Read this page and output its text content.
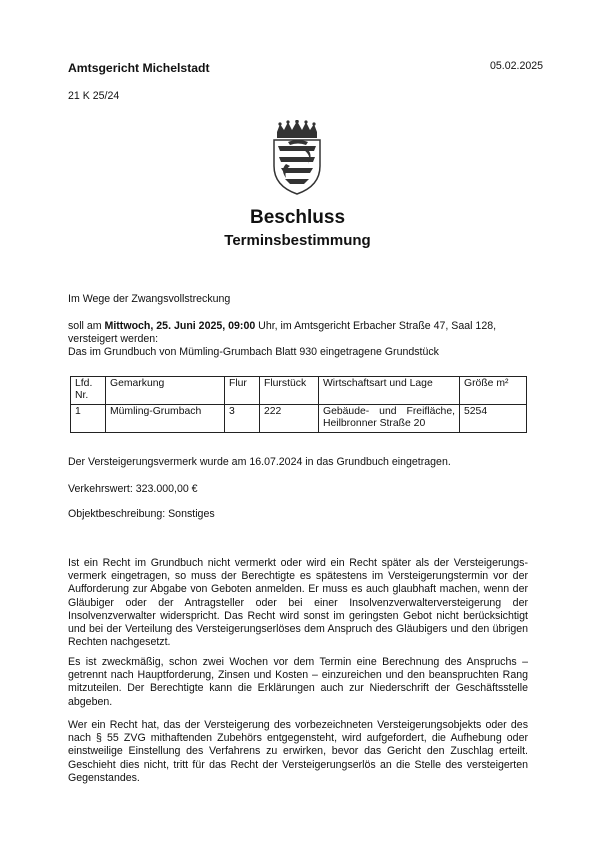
Amtsgericht Michelstadt	05.02.2025
21 K 25/24
Beschluss
Terminsbestimmung
Im Wege der Zwangsvollstreckung
soll am Mittwoch, 25. Juni 2025, 09:00 Uhr, im Amtsgericht Erbacher Straße 47, Saal 128,
versteigert werden:
Das im Grundbuch von Mümling-Grumbach Blatt 930 eingetragene Grundstück
Lfd. Nr.	Gemarkung	Flur	Flurstück	Wirtschaftsart und Lage	Größe m²
1	Mümling-Grumbach	3	222	Gebäude- und Freifläche, Heilbronner Straße 20	5254
Der Versteigerungsvermerk wurde am 16.07.2024 in das Grundbuch eingetragen.
Verkehrswert: 323.000,00 €
Objektbeschreibung: Sonstiges
Ist ein Recht im Grundbuch nicht vermerkt oder wird ein Recht später als der Versteigerungs-vermerk eingetragen, so muss der Berechtigte es spätestens im Versteigerungstermin vor der Aufforderung zur Abgabe von Geboten anmelden. Er muss es auch glaubhaft machen, wenn der Gläubiger oder der Antragsteller oder bei einer Insolvenzverwalterversteigerung der Insolvenzverwalter widerspricht. Das Recht wird sonst im geringsten Gebot nicht berücksichtigt und bei der Verteilung des Versteigerungserlöses dem Anspruch des Gläubigers und den übrigen Rechten nachgesetzt.
Es ist zweckmäßig, schon zwei Wochen vor dem Termin eine Berechnung des Anspruchs – getrennt nach Hauptforderung, Zinsen und Kosten – einzureichen und den beanspruchten Rang mitzuteilen. Der Berechtigte kann die Erklärungen auch zur Niederschrift der Geschäftsstelle abgeben.
Wer ein Recht hat, das der Versteigerung des vorbezeichneten Versteigerungsobjekts oder des nach § 55 ZVG mithaftenden Zubehörs entgegensteht, wird aufgefordert, die Aufhebung oder einstweilige Einstellung des Verfahrens zu erwirken, bevor das Gericht den Zuschlag erteilt. Geschieht dies nicht, tritt für das Recht der Versteigerungserlös an die Stelle des versteigerten Gegenstandes.
